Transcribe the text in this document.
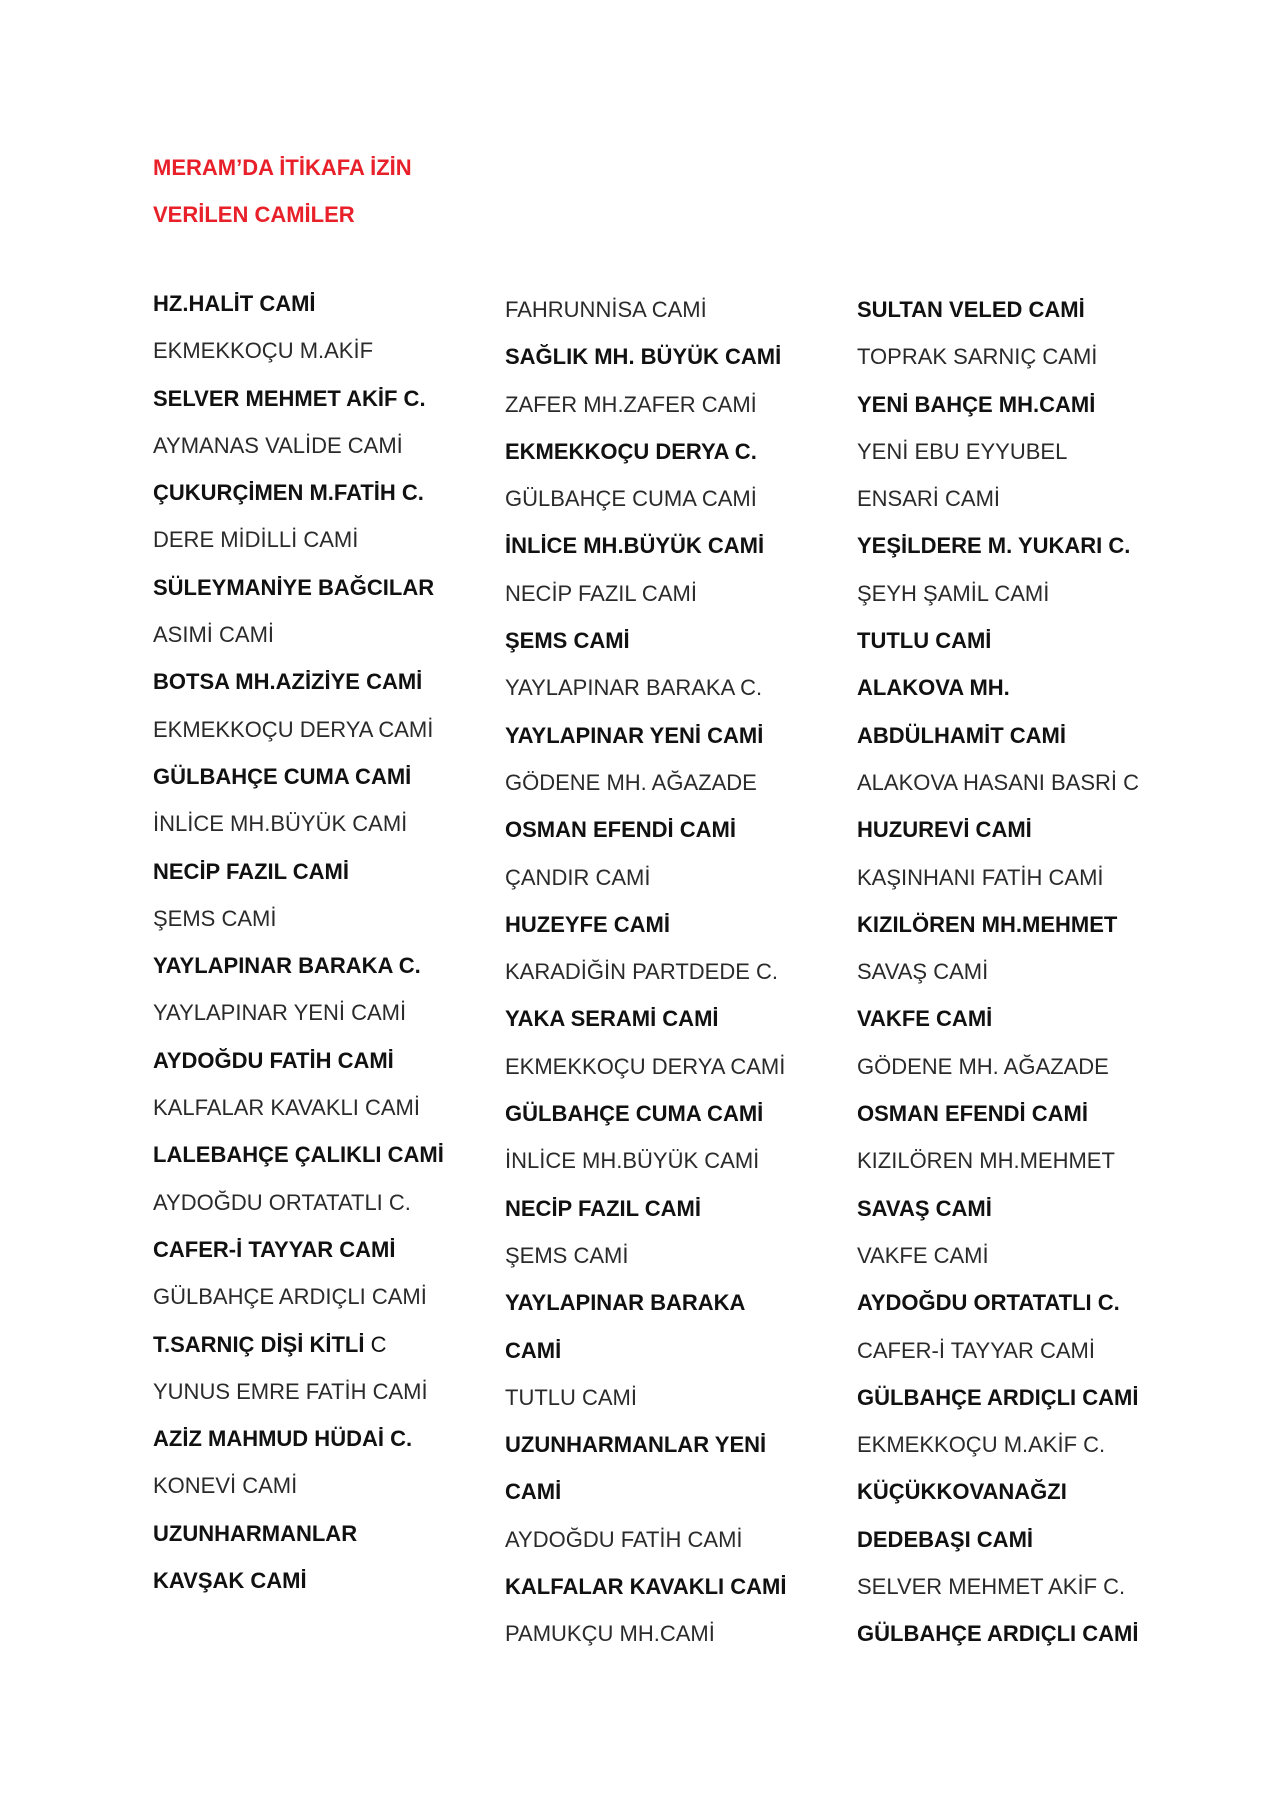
MERAM’DA İTİKAFA İZİN
VERİLEN CAMİLER
HZ.HALİT CAMİ
EKMEKKOÇU M.AKİF
SELVER MEHMET AKİF C.
AYMANAS VALİDE CAMİ
ÇUKURÇİMEN M.FATİH C.
DERE MİDİLLİ CAMİ
SÜLEYMANİYE BAĞCILAR
ASIMİ CAMİ
BOTSA MH.AZİZİYE CAMİ
EKMEKKOÇU DERYA CAMİ
GÜLBAHÇE CUMA CAMİ
İNLİCE MH.BÜYÜK CAMİ
NECİP FAZIL CAMİ
ŞEMS CAMİ
YAYLAPINAR BARAKA C.
YAYLAPINAR YENİ CAMİ
AYDOĞDU FATİH CAMİ
KALFALAR KAVAKLI CAMİ
LALEBAHÇE ÇALIKLI CAMİ
AYDOĞDU ORTATATLI C.
CAFER-İ TAYYAR CAMİ
GÜLBAHÇE ARDIÇLI CAMİ
T.SARNIÇ DİŞİ KİTLİ C
YUNUS EMRE FATİH CAMİ
AZİZ MAHMUD HÜDAİ C.
KONEVİ CAMİ
UZUNHARMANLAR
KAVŞAK CAMİ
FAHRUNNİSA CAMİ
SAĞLIK MH. BÜYÜK CAMİ
ZAFER MH.ZAFER CAMİ
EKMEKKOÇU DERYA C.
GÜLBAHÇE CUMA CAMİ
İNLİCE MH.BÜYÜK CAMİ
NECİP FAZIL CAMİ
ŞEMS CAMİ
YAYLAPINAR BARAKA C.
YAYLAPINAR YENİ CAMİ
GÖDENE MH. AĞAZADE
OSMAN EFENDİ CAMİ
ÇANDIR CAMİ
HUZEYFE CAMİ
KARADİĞİN PARTDEDE C.
YAKA SERAMİ CAMİ
EKMEKKOÇU DERYA CAMİ
GÜLBAHÇE CUMA CAMİ
İNLİCE MH.BÜYÜK CAMİ
NECİP FAZIL CAMİ
ŞEMS CAMİ
YAYLAPINAR BARAKA
CAMİ
TUTLU CAMİ
UZUNHARMANLAR YENİ
CAMİ
AYDOĞDU FATİH CAMİ
KALFALAR KAVAKLI CAMİ
PAMUKÇU MH.CAMİ
SULTAN VELED CAMİ
TOPRAK SARNIÇ CAMİ
YENİ BAHÇE MH.CAMİ
YENİ EBU EYYUBEL
ENSARİ CAMİ
YEŞİLDERE M. YUKARI C.
ŞEYH ŞAMİL CAMİ
TUTLU CAMİ
ALAKOVA MH.
ABDÜLHAMİT CAMİ
ALAKOVA HASANI BASRİ C
HUZUREVİ CAMİ
KAŞINHANI FATİH CAMİ
KIZILÖREN MH.MEHMET
SAVAŞ CAMİ
VAKFE CAMİ
GÖDENE MH. AĞAZADE
OSMAN EFENDİ CAMİ
KIZILÖREN MH.MEHMET
SAVAŞ CAMİ
VAKFE CAMİ
AYDOĞDU ORTATATLI C.
CAFER-İ TAYYAR CAMİ
GÜLBAHÇE ARDIÇLI CAMİ
EKMEKKOÇU M.AKİF C.
KÜÇÜKKOVANAĞZI
DEDEBAŞI CAMİ
SELVER MEHMET AKİF C.
GÜLBAHÇE ARDIÇLI CAMİ
